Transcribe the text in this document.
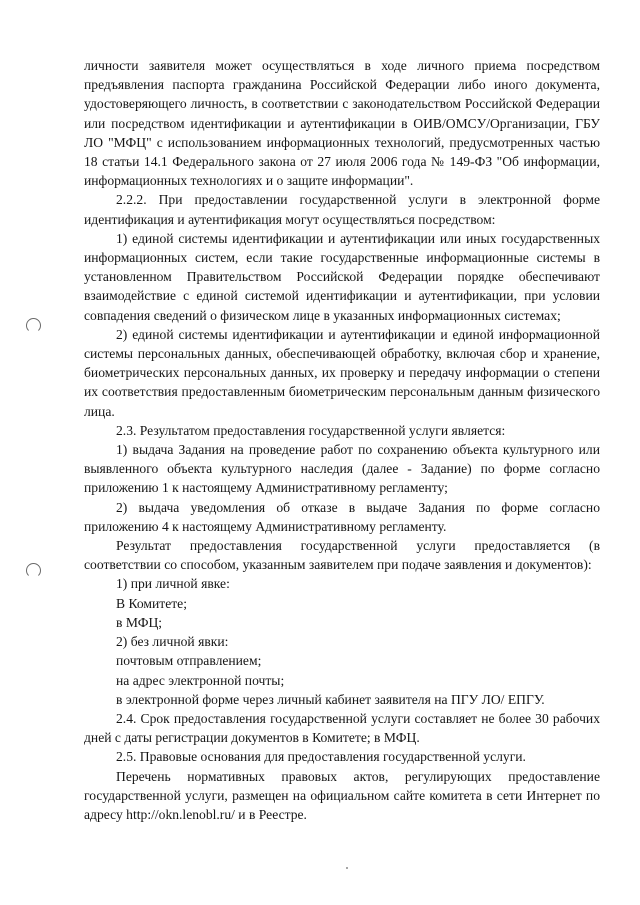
личности заявителя может осуществляться в ходе личного приема посредством предъявления паспорта гражданина Российской Федерации либо иного документа, удостоверяющего личность, в соответствии с законодательством Российской Федерации или посредством идентификации и аутентификации в ОИВ/ОМСУ/Организации, ГБУ ЛО "МФЦ" с использованием информационных технологий, предусмотренных частью 18 статьи 14.1 Федерального закона от 27 июля 2006 года № 149-ФЗ "Об информации, информационных технологиях и о защите информации".

2.2.2. При предоставлении государственной услуги в электронной форме идентификация и аутентификация могут осуществляться посредством:

1) единой системы идентификации и аутентификации или иных государственных информационных систем, если такие государственные информационные системы в установленном Правительством Российской Федерации порядке обеспечивают взаимодействие с единой системой идентификации и аутентификации, при условии совпадения сведений о физическом лице в указанных информационных системах;

2) единой системы идентификации и аутентификации и единой информационной системы персональных данных, обеспечивающей обработку, включая сбор и хранение, биометрических персональных данных, их проверку и передачу информации о степени их соответствия предоставленным биометрическим персональным данным физического лица.

2.3. Результатом предоставления государственной услуги является:

1) выдача Задания на проведение работ по сохранению объекта культурного или выявленного объекта культурного наследия (далее - Задание) по форме согласно приложению 1 к настоящему Административному регламенту;

2) выдача уведомления об отказе в выдаче Задания по форме согласно приложению 4 к настоящему Административному регламенту.

Результат предоставления государственной услуги предоставляется (в соответствии со способом, указанным заявителем при подаче заявления и документов):

1) при личной явке:

В Комитете;

в МФЦ;

2) без личной явки:

почтовым отправлением;

на адрес электронной почты;

в электронной форме через личный кабинет заявителя на ПГУ ЛО/ ЕПГУ.

2.4. Срок предоставления государственной услуги составляет не более 30 рабочих дней с даты регистрации документов в Комитете; в МФЦ.

2.5. Правовые основания для предоставления государственной услуги.

Перечень нормативных правовых актов, регулирующих предоставление государственной услуги, размещен на официальном сайте комитета в сети Интернет по адресу http://okn.lenobl.ru/ и в Реестре.
